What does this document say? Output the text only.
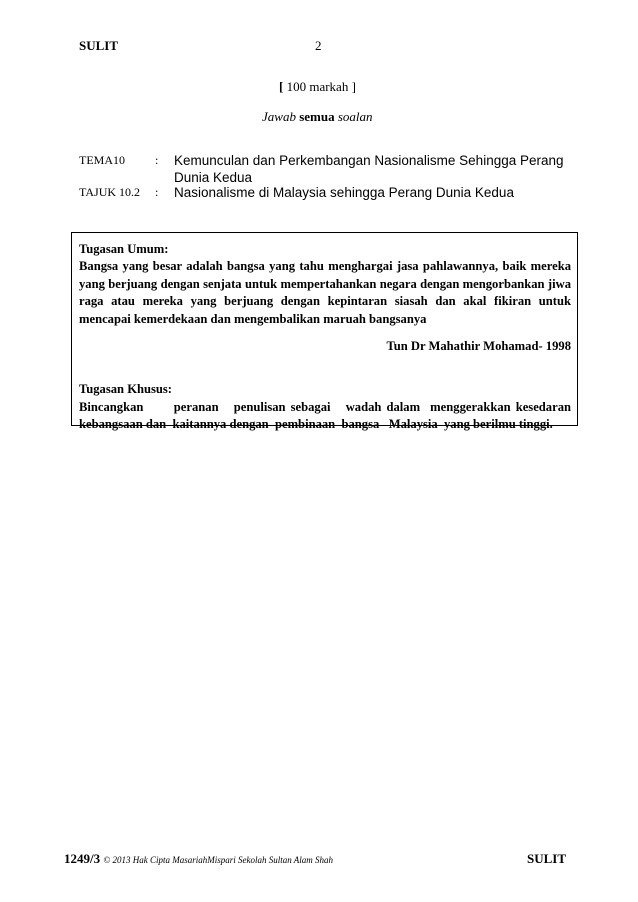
SULIT	2
[ 100 markah ]
Jawab semua soalan
TEMA10	: Kemunculan dan Perkembangan Nasionalisme Sehingga Perang Dunia Kedua
TAJUK 10.2 : Nasionalisme di Malaysia sehingga Perang Dunia Kedua
Tugasan Umum:
Bangsa yang besar adalah bangsa yang tahu menghargai jasa pahlawannya, baik mereka yang berjuang dengan senjata untuk mempertahankan negara dengan mengorbankan jiwa raga atau mereka yang berjuang dengan kepintaran siasah dan akal fikiran untuk mencapai kemerdekaan dan mengembalikan maruah bangsanya
Tun Dr Mahathir Mohamad- 1998
Tugasan Khusus:
Bincangkan      peranan   penulisan sebagai   wadah dalam  menggerakkan kesedaran kebangsaan dan  kaitannya dengan  pembinaan  bangsa   Malaysia  yang berilmu tinggi.
1249/3 © 2013 Hak Cipta MasariahMispari Sekolah Sultan Alam Shah	SULIT
